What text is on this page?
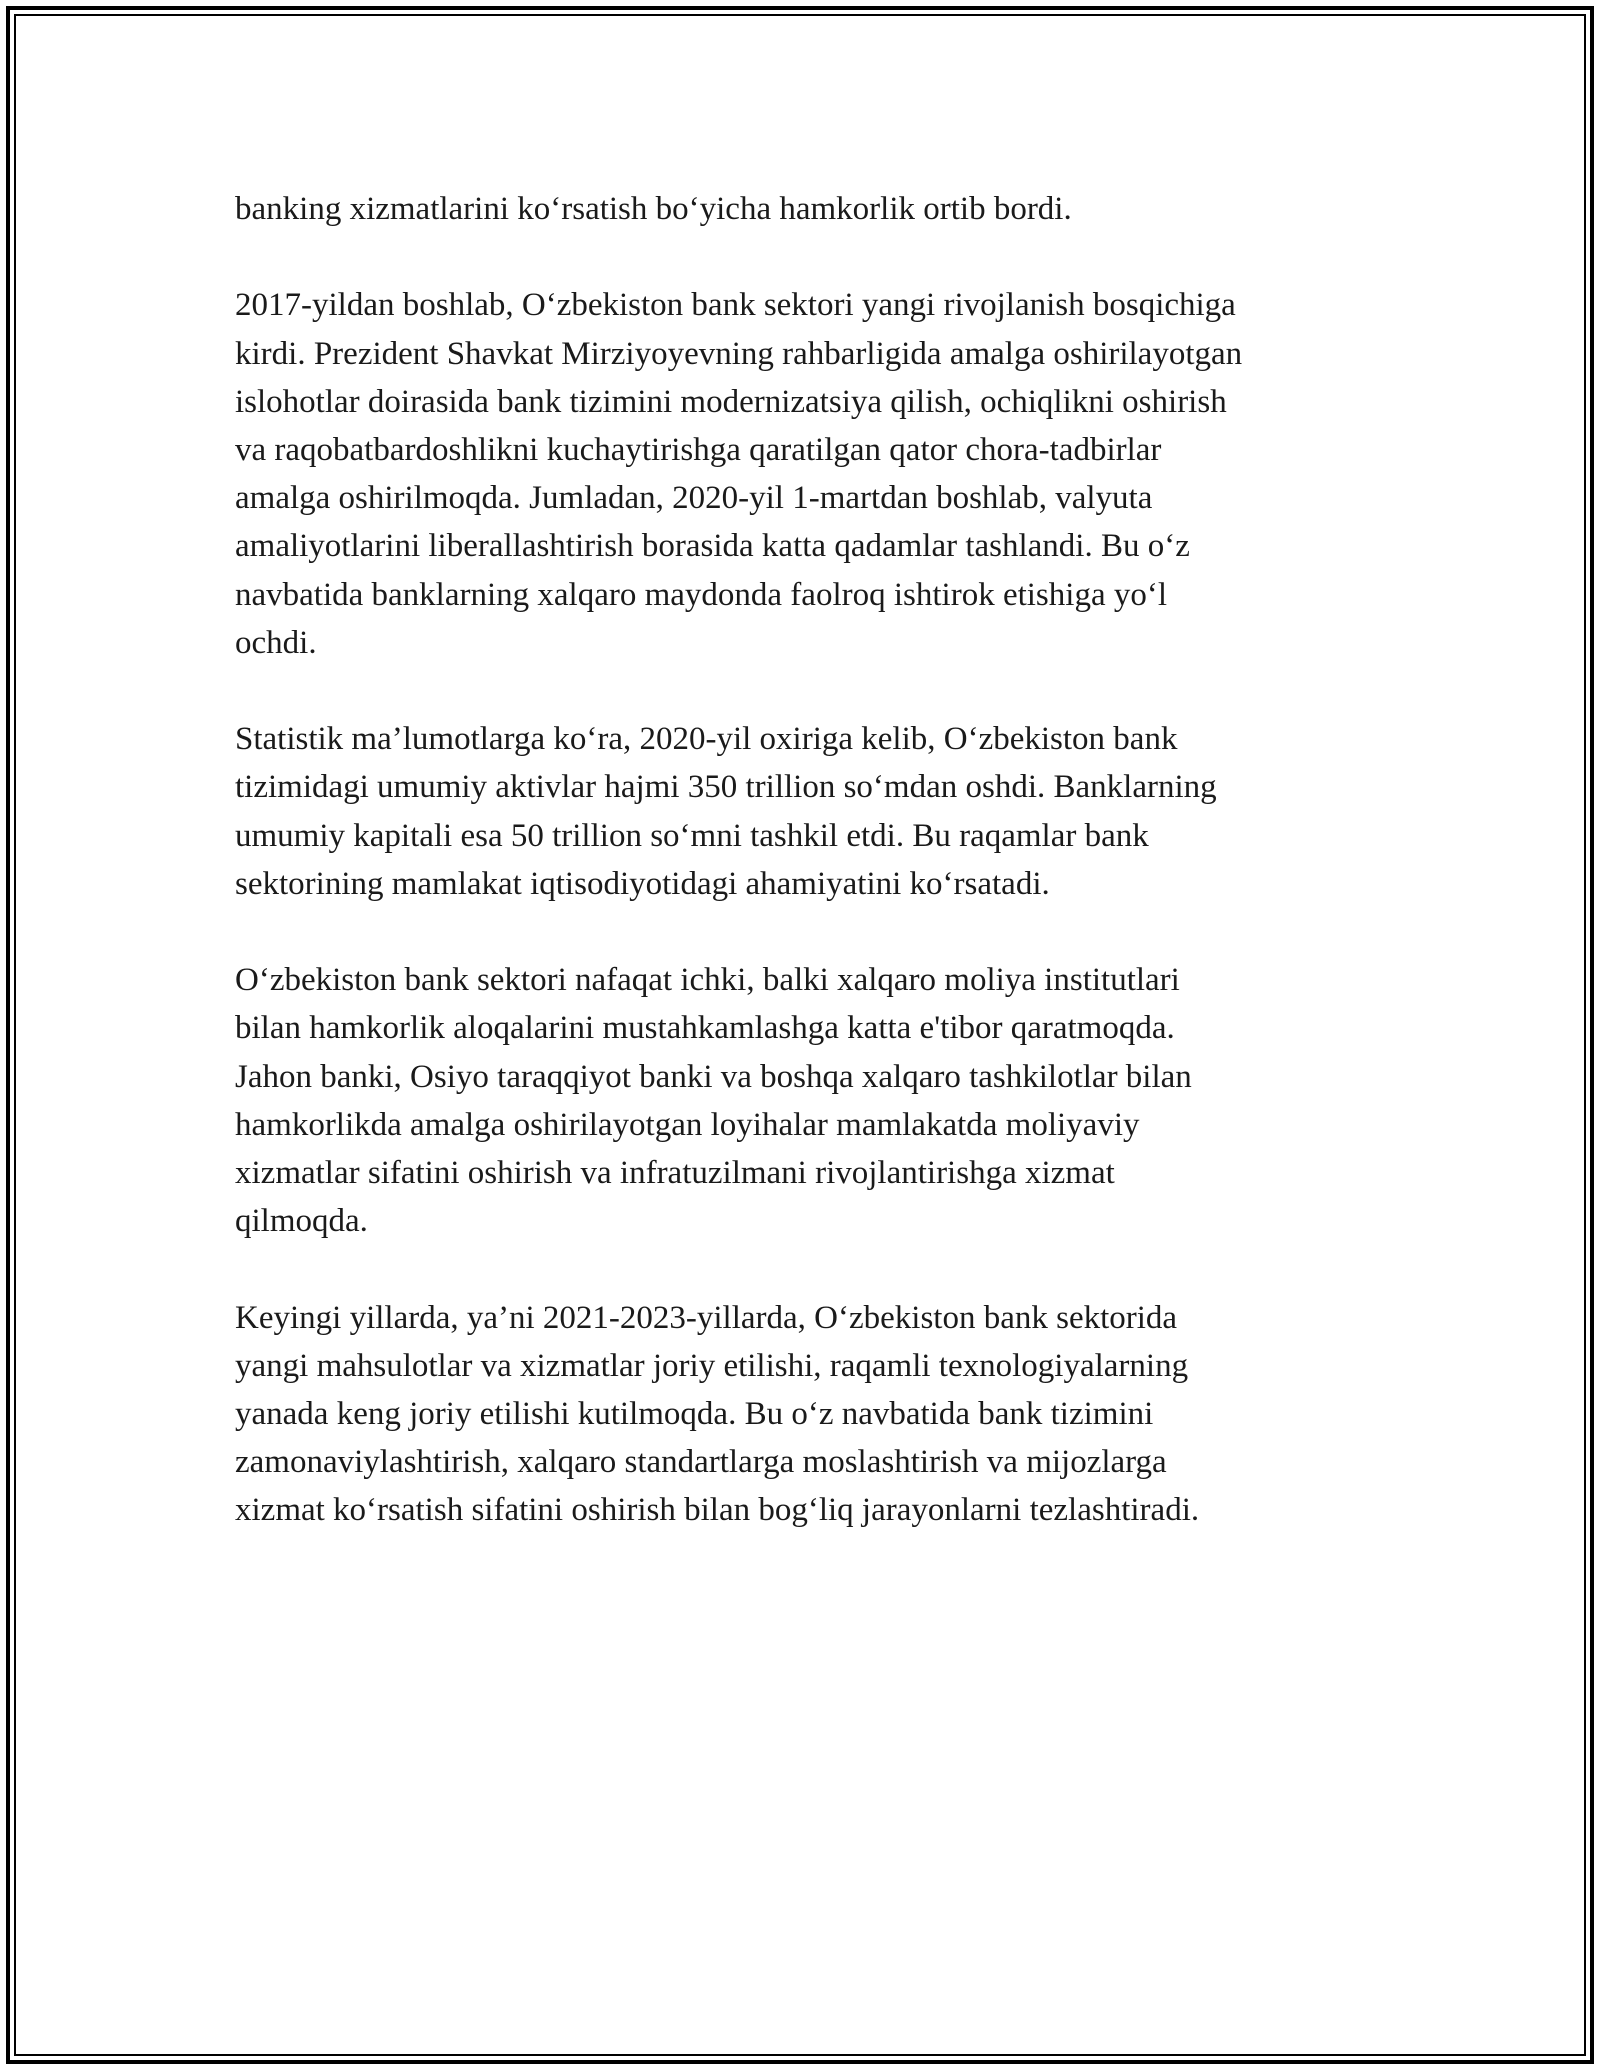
banking xizmatlarini ko‘rsatish bo‘yicha hamkorlik ortib bordi.

2017-yildan boshlab, O‘zbekiston bank sektori yangi rivojlanish bosqichiga
kirdi. Prezident Shavkat Mirziyoyevning rahbarligida amalga oshirilayotgan
islohotlar doirasida bank tizimini modernizatsiya qilish, ochiqlikni oshirish
va raqobatbardoshlikni kuchaytirishga qaratilgan qator chora-tadbirlar
amalga oshirilmoqda. Jumladan, 2020-yil 1-martdan boshlab, valyuta
amaliyotlarini liberallashtirish borasida katta qadamlar tashlandi. Bu o‘z
navbatida banklarning xalqaro maydonda faolroq ishtirok etishiga yo‘l
ochdi.

Statistik ma’lumotlarga ko‘ra, 2020-yil oxiriga kelib, O‘zbekiston bank
tizimidagi umumiy aktivlar hajmi 350 trillion so‘mdan oshdi. Banklarning
umumiy kapitali esa 50 trillion so‘mni tashkil etdi. Bu raqamlar bank
sektorining mamlakat iqtisodiyotidagi ahamiyatini ko‘rsatadi.

O‘zbekiston bank sektori nafaqat ichki, balki xalqaro moliya institutlari
bilan hamkorlik aloqalarini mustahkamlashga katta e'tibor qaratmoqda.
Jahon banki, Osiyo taraqqiyot banki va boshqa xalqaro tashkilotlar bilan
hamkorlikda amalga oshirilayotgan loyihalar mamlakatda moliyaviy
xizmatlar sifatini oshirish va infratuzilmani rivojlantirishga xizmat
qilmoqda.

Keyingi yillarda, ya’ni 2021-2023-yillarda, O‘zbekiston bank sektorida
yangi mahsulotlar va xizmatlar joriy etilishi, raqamli texnologiyalarning
yanada keng joriy etilishi kutilmoqda. Bu o‘z navbatida bank tizimini
zamonaviylashtirish, xalqaro standartlarga moslashtirish va mijozlarga
xizmat ko‘rsatish sifatini oshirish bilan bog‘liq jarayonlarni tezlashtiradi.
